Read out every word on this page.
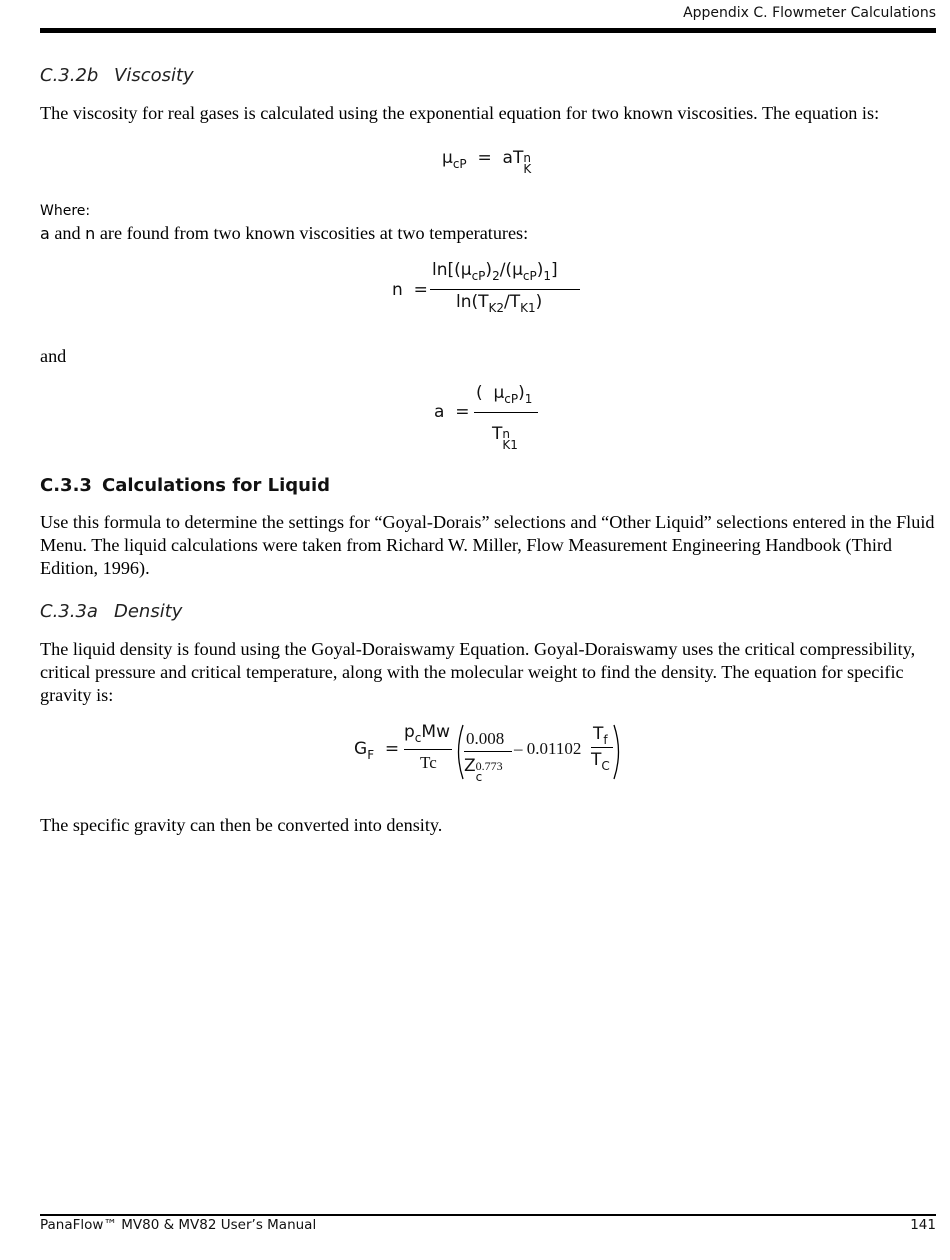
Appendix C. Flowmeter Calculations
C.3.2b Viscosity
The viscosity for real gases is calculated using the exponential equation for two known viscosities. The equation is:
$\mu_{cP}$  =  aT n
K
Where:
a and n are found from two known viscosities at two temperatures:
n  =
$\ln[(\mu_{cP})_2∕(\mu_{cP})_1]$
$\ln(T_{K2}∕T_{K1})$
and
a  =
(  $\mu_{cP})_1$
T n
K1
C.3.3 Calculations for Liquid
Use this formula to determine the settings for “Goyal-Dorais” selections and “Other Liquid” selections entered in the Fluid Menu. The liquid calculations were taken from Richard W. Miller, Flow Measurement Engineering Handbook (Third Edition, 1996).
C.3.3a Density
The liquid density is found using the Goyal-Doraiswamy Equation. Goyal-Doraiswamy uses the critical compressibility, critical pressure and critical temperature, along with the molecular weight to find the density. The equation for specific gravity is:
$G_F$  =
$p_cMw$
Tc
0.008
Z 0.773
c
– 0.01102
$T_f$
$T_C$
The specific gravity can then be converted into density.
PanaFlow™ MV80 & MV82 User’s Manual	141
